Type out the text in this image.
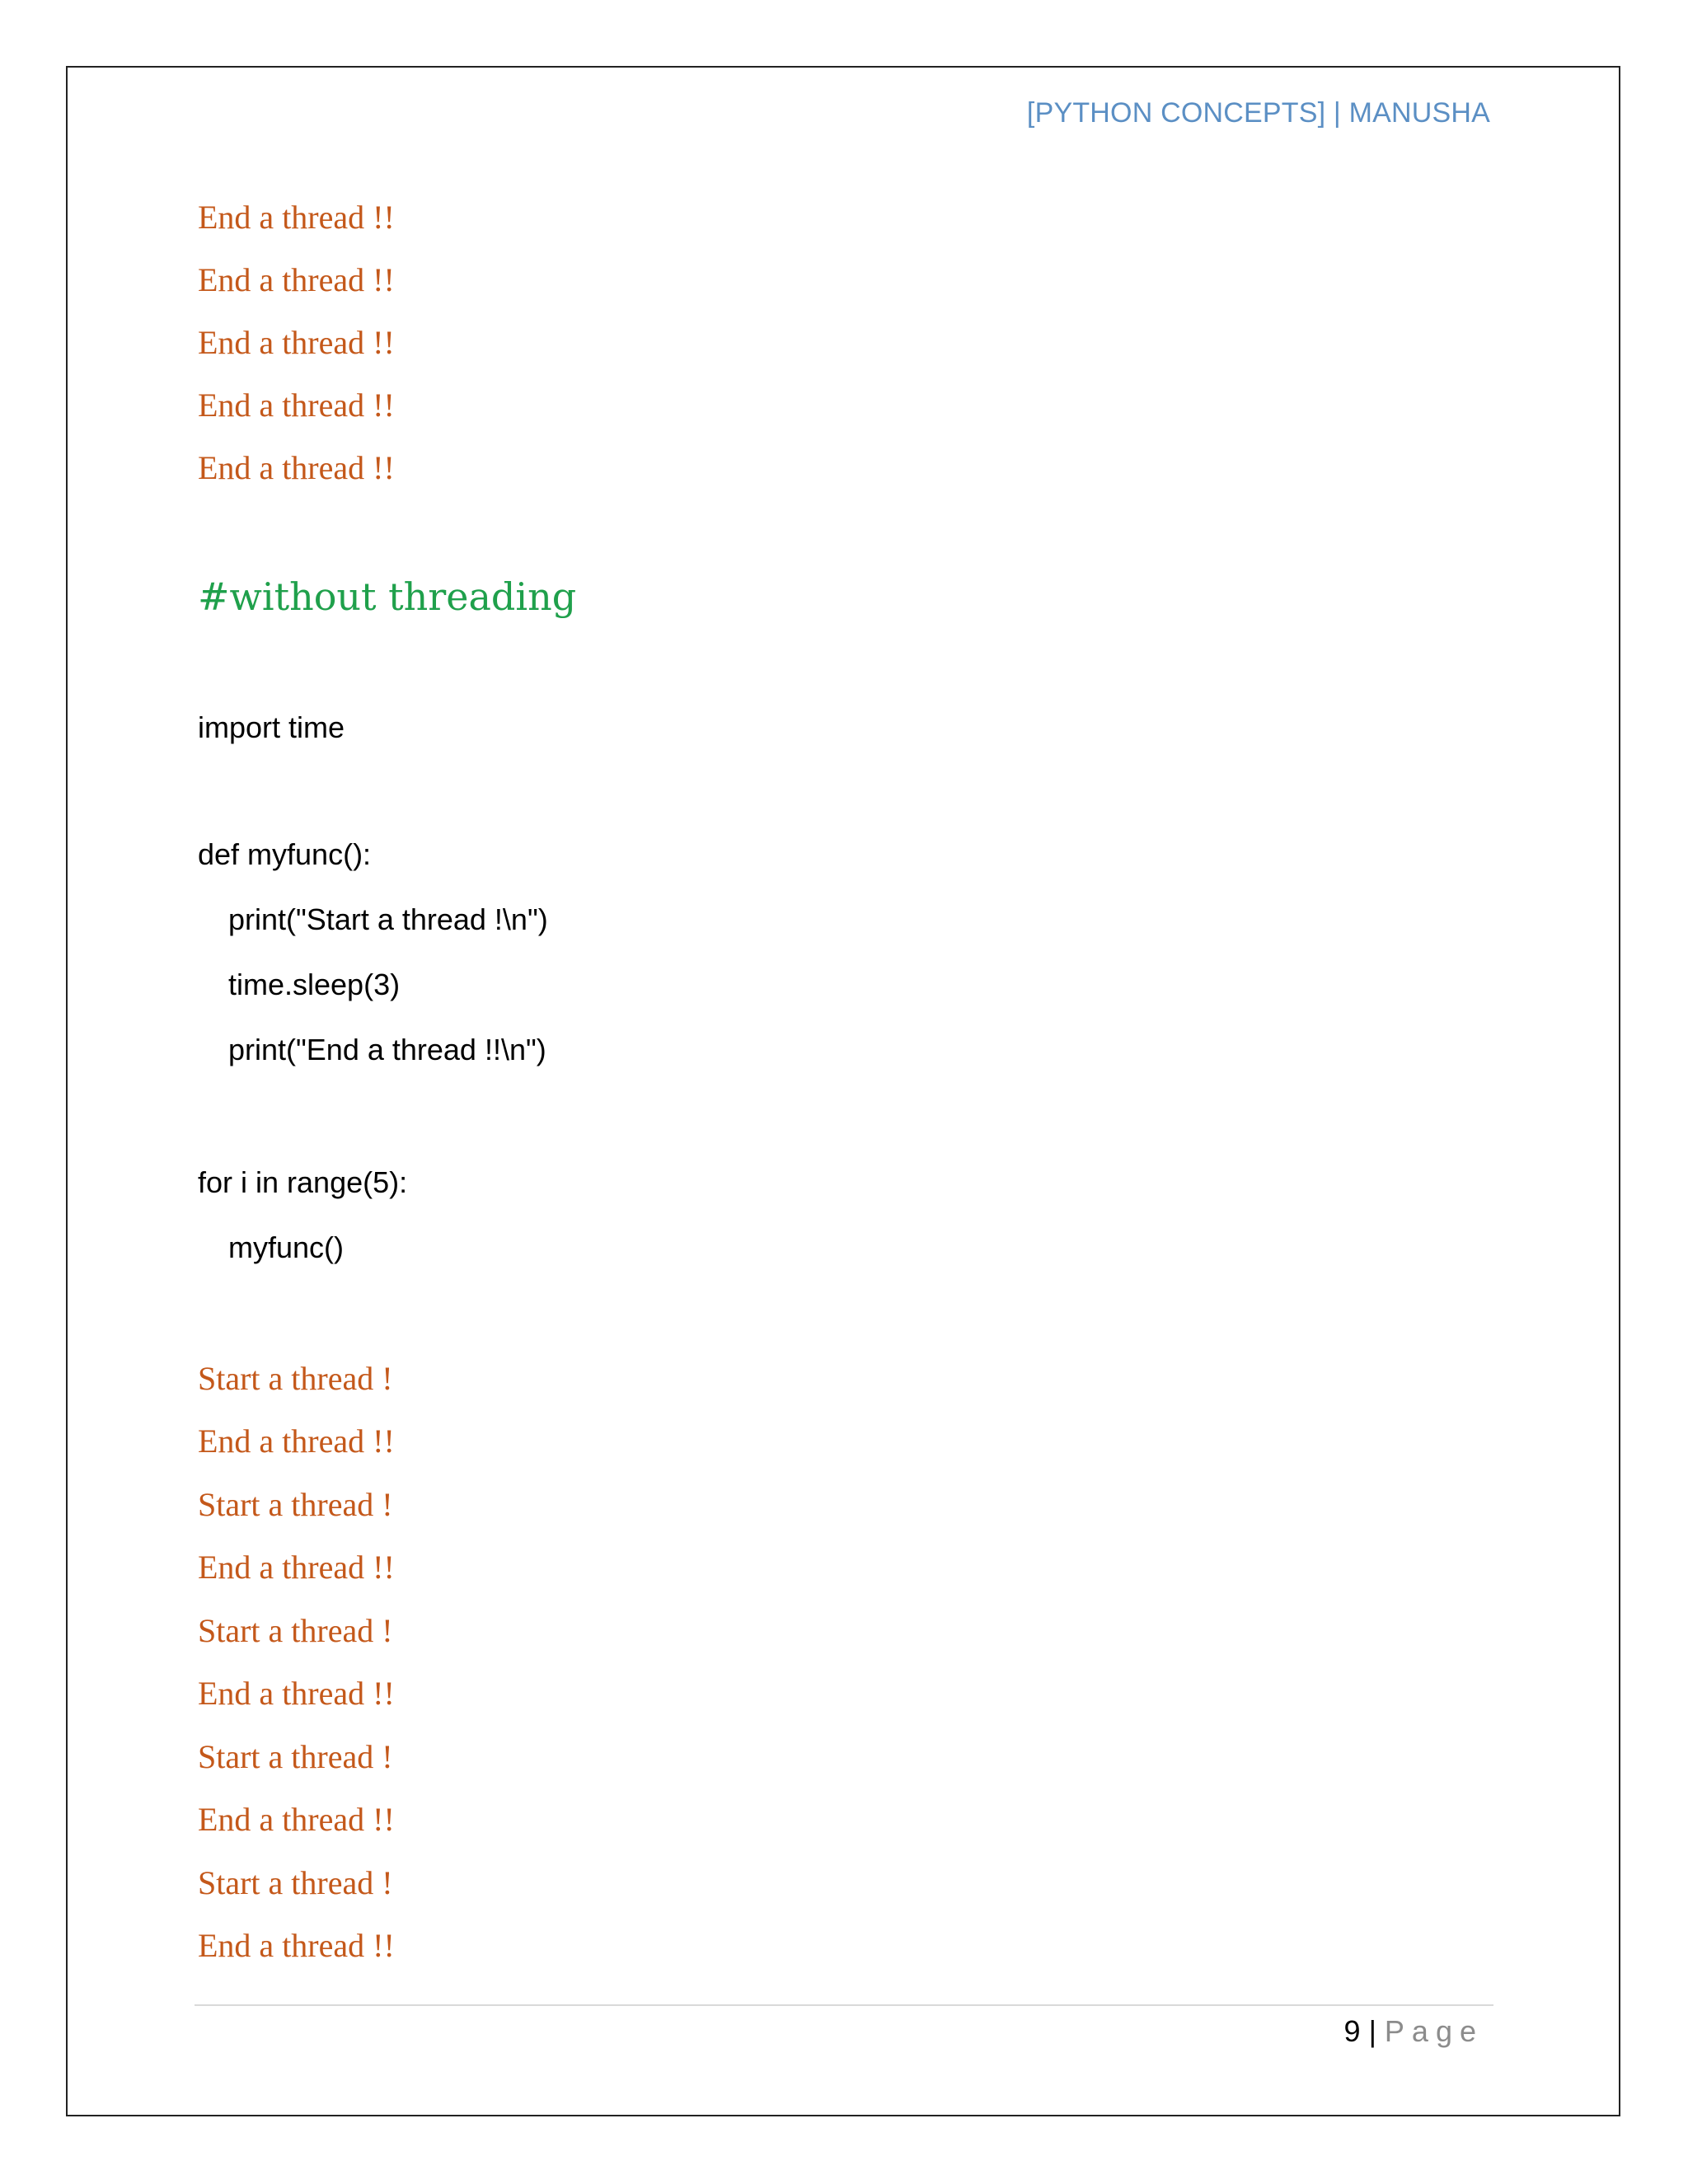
[PYTHON CONCEPTS] | MANUSHA
End a thread !!
End a thread !!
End a thread !!
End a thread !!
End a thread !!
#without threading
import time
def myfunc():
print("Start a thread !\n")
time.sleep(3)
print("End a thread !!\n")
for i in range(5):
myfunc()
Start a thread !
End a thread !!
Start a thread !
End a thread !!
Start a thread !
End a thread !!
Start a thread !
End a thread !!
Start a thread !
End a thread !!
9 | Page
